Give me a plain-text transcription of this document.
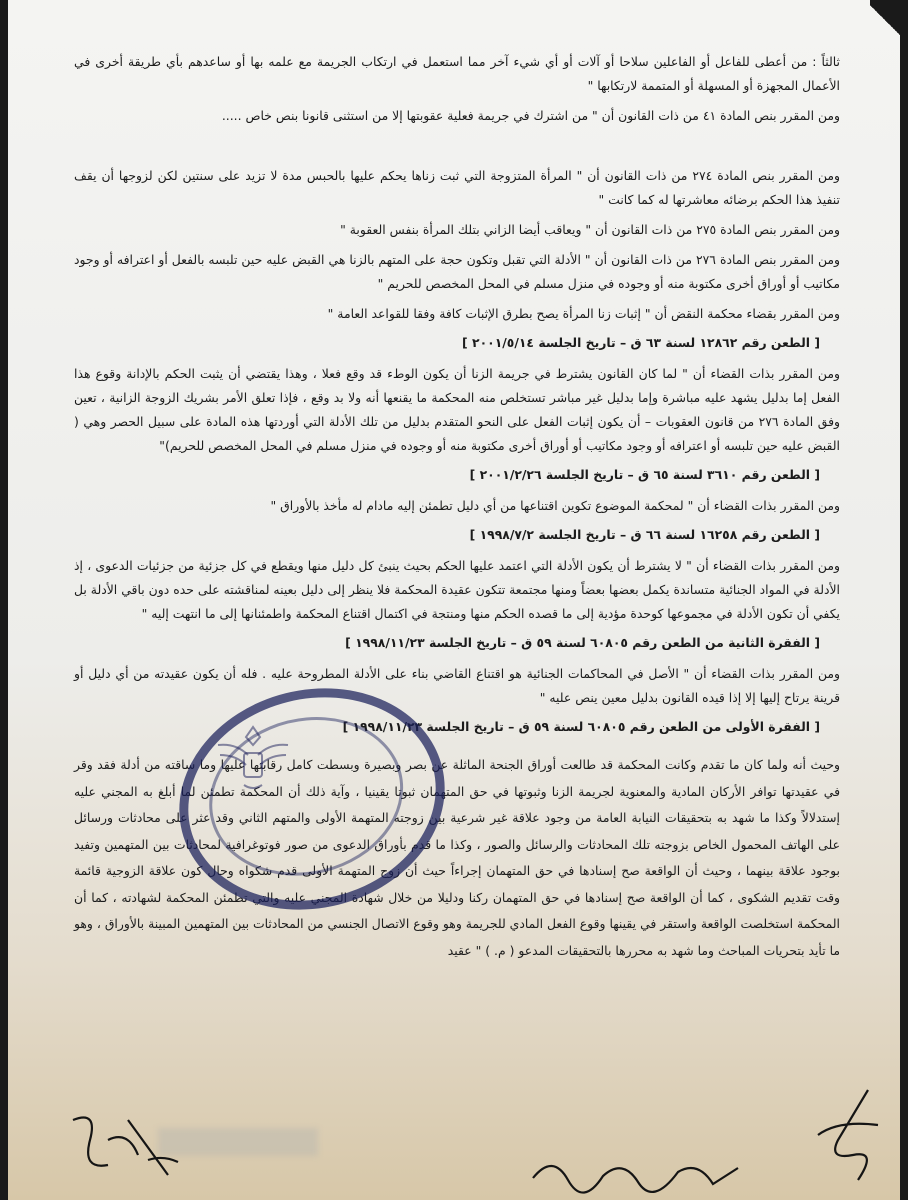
ثالثاً : من أعطى للفاعل أو الفاعلين سلاحا أو آلات أو أي شيء آخر مما استعمل في ارتكاب الجريمة مع علمه بها أو ساعدهم بأي طريقة أخرى في الأعمال المجهزة أو المسهلة أو المتممة لارتكابها "

ومن المقرر بنص المادة ٤١ من ذات القانون أن " من اشترك في جريمة فعلية عقوبتها إلا من استثنى قانونا بنص خاص .....

ومن المقرر بنص المادة ٢٧٤ من ذات القانون أن " المرأة المتزوجة التي ثبت زناها يحكم عليها بالحبس مدة لا تزيد على سنتين لكن لزوجها أن يقف تنفيذ هذا الحكم برضائه معاشرتها له كما كانت "

ومن المقرر بنص المادة ٢٧٥ من ذات القانون أن " ويعاقب أيضا الزاني بتلك المرأة بنفس العقوبة "

ومن المقرر بنص المادة ٢٧٦ من ذات القانون أن " الأدلة التي تقبل وتكون حجة على المتهم بالزنا هي القبض عليه حين تلبسه بالفعل أو اعترافه أو وجود مكاتيب أو أوراق أخرى مكتوبة منه أو وجوده في منزل مسلم في المحل المخصص للحريم "

ومن المقرر بقضاء محكمة النقض أن " إثبات زنا المرأة يصح بطرق الإثبات كافة وفقا للقواعد العامة "

[ الطعن رقم ١٢٨٦٢ لسنة ٦٣ ق – تاريخ الجلسة ٢٠٠١/٥/١٤ ]

ومن المقرر بذات القضاء أن " لما كان القانون يشترط في جريمة الزنا أن يكون الوطء قد وقع فعلا ، وهذا يقتضي أن يثبت الحكم بالإدانة وقوع هذا الفعل إما بدليل يشهد عليه مباشرة وإما بدليل غير مباشر تستخلص منه المحكمة ما يقنعها أنه ولا بد وقع ، فإذا تعلق الأمر بشريك الزوجة الزانية ، تعين وفق المادة ٢٧٦ من قانون العقوبات – أن يكون إثبات الفعل على النحو المتقدم بدليل من تلك الأدلة التي أوردتها هذه المادة على سبيل الحصر وهي ( القبض عليه حين تلبسه أو اعترافه أو وجود مكاتيب أو أوراق أخرى مكتوبة منه أو وجوده في منزل مسلم في المحل المخصص للحريم)"

[ الطعن رقم ٣٦١٠ لسنة ٦٥ ق – تاريخ الجلسة ٢٠٠١/٢/٢٦ ]

ومن المقرر بذات القضاء أن " لمحكمة الموضوع تكوين اقتناعها من أي دليل تطمئن إليه مادام له مأخذ بالأوراق "

[ الطعن رقم ١٦٢٥٨ لسنة ٦٦ ق – تاريخ الجلسة ١٩٩٨/٧/٢ ]

ومن المقرر بذات القضاء أن " لا يشترط أن يكون الأدلة التي اعتمد عليها الحكم بحيث ينبئ كل دليل منها ويقطع في كل جزئية من جزئيات الدعوى ، إذ الأدلة في المواد الجنائية متساندة يكمل بعضها بعضاً ومنها مجتمعة تتكون عقيدة المحكمة فلا ينظر إلى دليل بعينه لمناقشته على حده دون باقي الأدلة بل يكفي أن تكون الأدلة في مجموعها كوحدة مؤدية إلى ما قصده الحكم منها ومنتجة في اكتمال اقتناع المحكمة واطمئنانها إلى ما انتهت إليه "

[ الفقرة الثانية من الطعن رقم ٦٠٨٠٥ لسنة ٥٩ ق – تاريخ الجلسة ١٩٩٨/١١/٢٣ ]

ومن المقرر بذات القضاء أن " الأصل في المحاكمات الجنائية هو اقتناع القاضي بناء على الأدلة المطروحة عليه . فله أن يكون عقيدته من أي دليل أو قرينة يرتاح إليها إلا إذا قيده القانون بدليل معين ينص عليه "

[ الفقرة الأولى من الطعن رقم ٦٠٨٠٥ لسنة ٥٩ ق – تاريخ الجلسة ١٩٩٨/١١/٢٣ ]

وحيث أنه ولما كان ما تقدم وكانت المحكمة قد طالعت أوراق الجنحة الماثلة عن بصر وبصيرة وبسطت كامل رقابتها عليها وما ساقته من أدلة فقد وقر في عقيدتها توافر الأركان المادية والمعنوية لجريمة الزنا وثبوتها في حق المتهمان ثبوتا يقينيا ، وآية ذلك أن المحكمة تطمئن لما أبلغ به المجني عليه إستدلالاً وكذا ما شهد به بتحقيقات النيابة العامة من وجود علاقة غير شرعية بين زوجته المتهمة الأولى والمتهم الثاني وقد عثر على محادثات ورسائل على الهاتف المحمول الخاص بزوجته تلك المحادثات والرسائل والصور ، وكذا ما قدم بأوراق الدعوى من صور فوتوغرافية لمحادثات بين المتهمين وتفيد بوجود علاقة بينهما ، وحيث أن الواقعة صح إسنادها في حق المتهمان إجراءاً حيث أن زوج المتهمة الأولى قدم شكواه وحال كون علاقة الزوجية قائمة وقت تقديم الشكوى ، كما أن الواقعة صح إسنادها في حق المتهمان ركنا ودليلا من خلال شهادة المجني عليه والتي تطمئن المحكمة لشهادته ، كما أن المحكمة استخلصت الواقعة واستقر في يقينها وقوع الفعل المادي للجريمة وهو وقوع الاتصال الجنسي من المحادثات بين المتهمين المبينة بالأوراق ، وهو ما تأيد بتحريات المباحث وما شهد به محررها بالتحقيقات المدعو ( م. ) " عقيد
